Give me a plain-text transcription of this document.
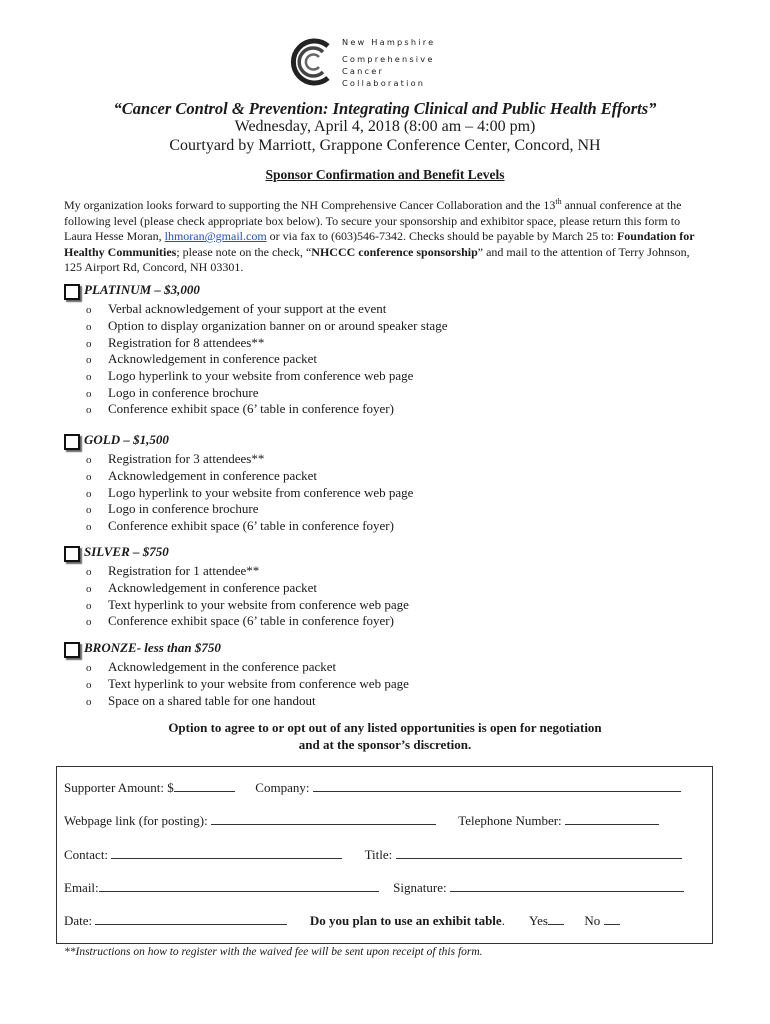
New Hampshire
Comprehensive
Cancer
Collaboration
“Cancer Control & Prevention: Integrating Clinical and Public Health Efforts”
Wednesday, April 4, 2018 (8:00 am – 4:00 pm)
Courtyard by Marriott, Grappone Conference Center, Concord, NH
Sponsor Confirmation and Benefit Levels
My organization looks forward to supporting the NH Comprehensive Cancer Collaboration and the 13th annual conference at the following level (please check appropriate box below). To secure your sponsorship and exhibitor space, please return this form to Laura Hesse Moran, lhmoran@gmail.com or via fax to (603)546-7342. Checks should be payable by March 25 to: Foundation for Healthy Communities; please note on the check, “NHCCC conference sponsorship” and mail to the attention of Terry Johnson, 125 Airport Rd, Concord, NH 03301.
PLATINUM – $3,000
o Verbal acknowledgement of your support at the event
o Option to display organization banner on or around speaker stage
o Registration for 8 attendees**
o Acknowledgement in conference packet
o Logo hyperlink to your website from conference web page
o Logo in conference brochure
o Conference exhibit space (6’ table in conference foyer)
GOLD – $1,500
o Registration for 3 attendees**
o Acknowledgement in conference packet
o Logo hyperlink to your website from conference web page
o Logo in conference brochure
o Conference exhibit space (6’ table in conference foyer)
SILVER – $750
o Registration for 1 attendee**
o Acknowledgement in conference packet
o Text hyperlink to your website from conference web page
o Conference exhibit space (6’ table in conference foyer)
BRONZE- less than $750
o Acknowledgement in the conference packet
o Text hyperlink to your website from conference web page
o Space on a shared table for one handout
Option to agree to or opt out of any listed opportunities is open for negotiation
and at the sponsor’s discretion.
Supporter Amount: $	Company:
Webpage link (for posting):	Telephone Number:
Contact:	Title:
Email:	Signature:
Date:	Do you plan to use an exhibit table. Yes	No
**Instructions on how to register with the waived fee will be sent upon receipt of this form.
